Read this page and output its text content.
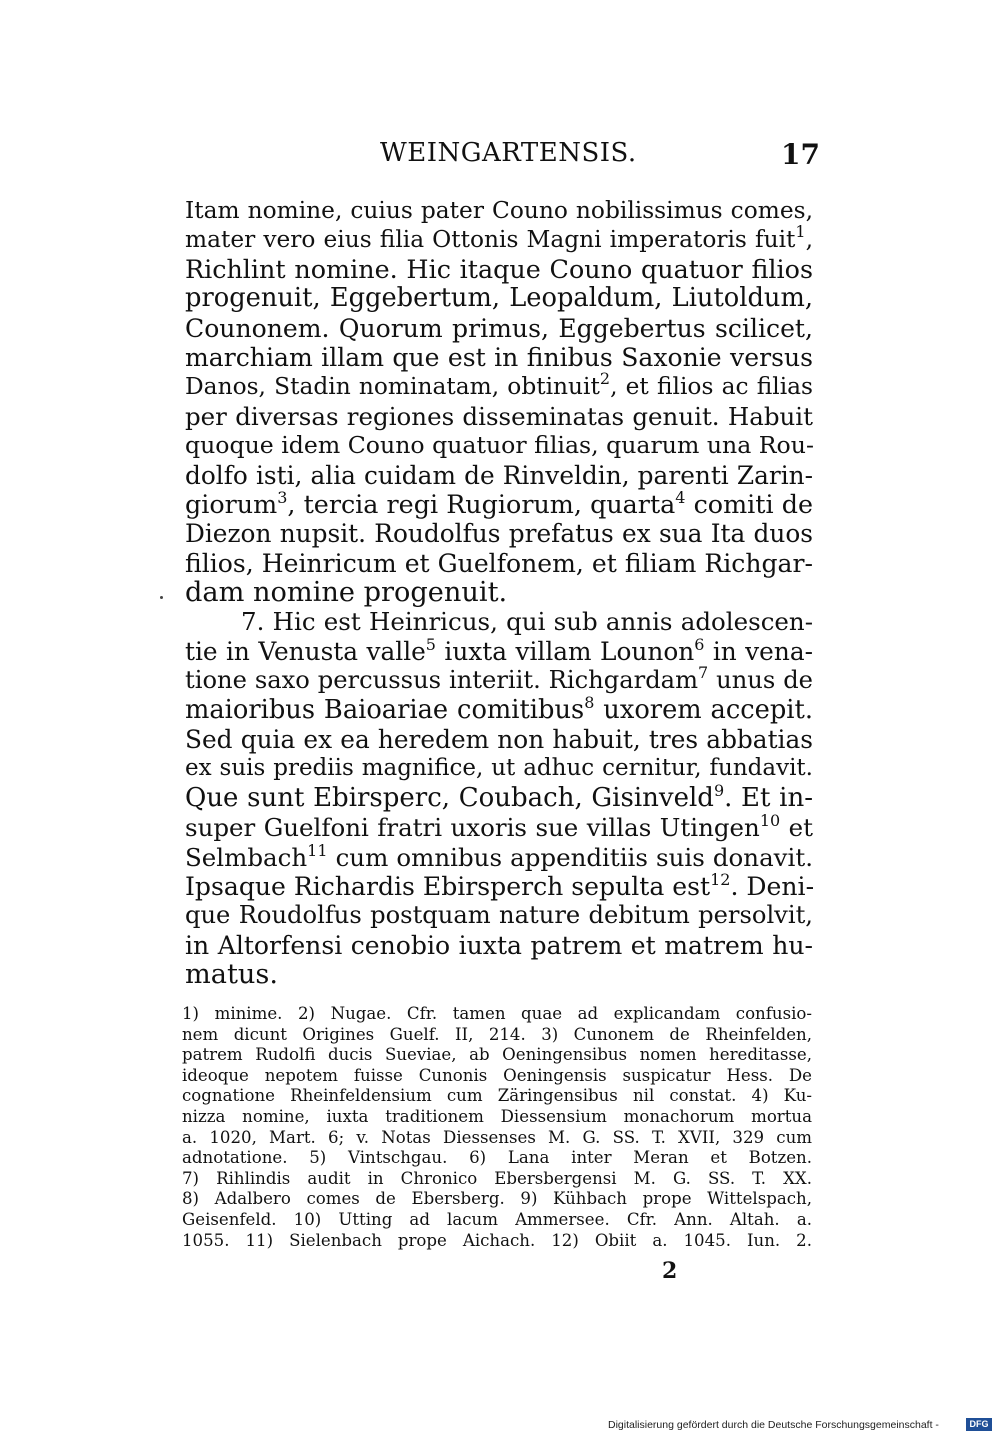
WEINGARTENSIS.	17
Itam nomine, cuius pater Couno nobilissimus comes,
mater vero eius filia Ottonis Magni imperatoris fuit$^1$,
Richlint nomine. Hic itaque Couno quatuor filios
progenuit, Eggebertum, Leopaldum, Liutoldum,
Counonem. Quorum primus, Eggebertus scilicet,
marchiam illam que est in finibus Saxonie versus
Danos, Stadin nominatam, obtinuit$^2$, et filios ac filias
per diversas regiones disseminatas genuit. Habuit
quoque idem Couno quatuor filias, quarum una Rou-
dolfo isti, alia cuidam de Rinveldin, parenti Zarin-
giorum$^3$, tercia regi Rugiorum, quarta$^4$ comiti de
Diezon nupsit. Roudolfus prefatus ex sua Ita duos
filios, Heinricum et Guelfonem, et filiam Richgar-
dam nomine progenuit.
7. Hic est Heinricus, qui sub annis adolescen-
tie in Venusta valle$^5$ iuxta villam Lounon$^6$ in vena-
tione saxo percussus interiit. Richgardam$^7$ unus de
maioribus Baioariae comitibus$^8$ uxorem accepit.
Sed quia ex ea heredem non habuit, tres abbatias
ex suis prediis magnifice, ut adhuc cernitur, fundavit.
Que sunt Ebirsperc, Coubach, Gisinveld$^9$. Et in-
super Guelfoni fratri uxoris sue villas Utingen$^{10}$ et
Selmbach$^{11}$ cum omnibus appenditiis suis donavit.
Ipsaque Richardis Ebirsperch sepulta est$^{12}$. Deni-
que Roudolfus postquam nature debitum persolvit,
in Altorfensi cenobio iuxta patrem et matrem hu-
matus.
1) minime. 2) Nugae. Cfr. tamen quae ad explicandam confusio-
nem dicunt Origines Guelf. II, 214. 3) Cunonem de Rheinfelden,
patrem Rudolfi ducis Sueviae, ab Oeningensibus nomen hereditasse,
ideoque nepotem fuisse Cunonis Oeningensis suspicatur Hess. De
cognatione Rheinfeldensium cum Zäringensibus nil constat. 4) Ku-
nizza nomine, iuxta traditionem Diessensium monachorum mortua
a. 1020, Mart. 6; v. Notas Diessenses M. G. SS. T. XVII, 329 cum
adnotatione. 5) Vintschgau. 6) Lana inter Meran et Botzen.
7) Rihlindis audit in Chronico Ebersbergensi M. G. SS. T. XX.
8) Adalbero comes de Ebersberg. 9) Kühbach prope Wittelspach,
Geisenfeld. 10) Utting ad lacum Ammersee. Cfr. Ann. Altah. a.
1055. 11) Sielenbach prope Aichach. 12) Obiit a. 1045. Iun. 2.
2
Digitalisierung gefördert durch die Deutsche Forschungsgemeinschaft -	DFG
